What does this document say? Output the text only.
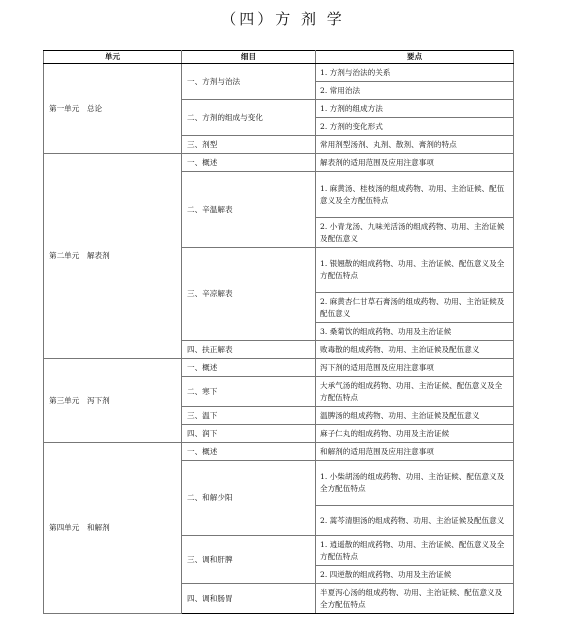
（四）方 剂 学
单元	细目	要点
第一单元　总论	一、方剂与治法	1. 方剂与治法的关系
		2. 常用治法
	二、方剂的组成与变化	1. 方剂的组成方法
		2. 方剂的变化形式
	三、剂型	常用剂型汤剂、丸剂、散剂、膏剂的特点
第二单元　解表剂	一、概述	解表剂的适用范围及应用注意事项
	二、辛温解表	1. 麻黄汤、桂枝汤的组成药物、功用、主治证候、配伍意义及全方配伍特点
		2. 小青龙汤、九味羌活汤的组成药物、功用、主治证候及配伍意义
	三、辛凉解表	1. 银翘散的组成药物、功用、主治证候、配伍意义及全方配伍特点
		2. 麻黄杏仁甘草石膏汤的组成药物、功用、主治证候及配伍意义
		3. 桑菊饮的组成药物、功用及主治证候
	四、扶正解表	败毒散的组成药物、功用、主治证候及配伍意义
第三单元　泻下剂	一、概述	泻下剂的适用范围及应用注意事项
	二、寒下	大承气汤的组成药物、功用、主治证候、配伍意义及全方配伍特点
	三、温下	温脾汤的组成药物、功用、主治证候及配伍意义
	四、润下	麻子仁丸的组成药物、功用及主治证候
第四单元　和解剂	一、概述	和解剂的适用范围及应用注意事项
	二、和解少阳	1. 小柴胡汤的组成药物、功用、主治证候、配伍意义及全方配伍特点
		2. 蒿芩清胆汤的组成药物、功用、主治证候及配伍意义
	三、调和肝脾	1. 逍遥散的组成药物、功用、主治证候、配伍意义及全方配伍特点
		2. 四逆散的组成药物、功用及主治证候
	四、调和肠胃	半夏泻心汤的组成药物、功用、主治证候、配伍意义及全方配伍特点
